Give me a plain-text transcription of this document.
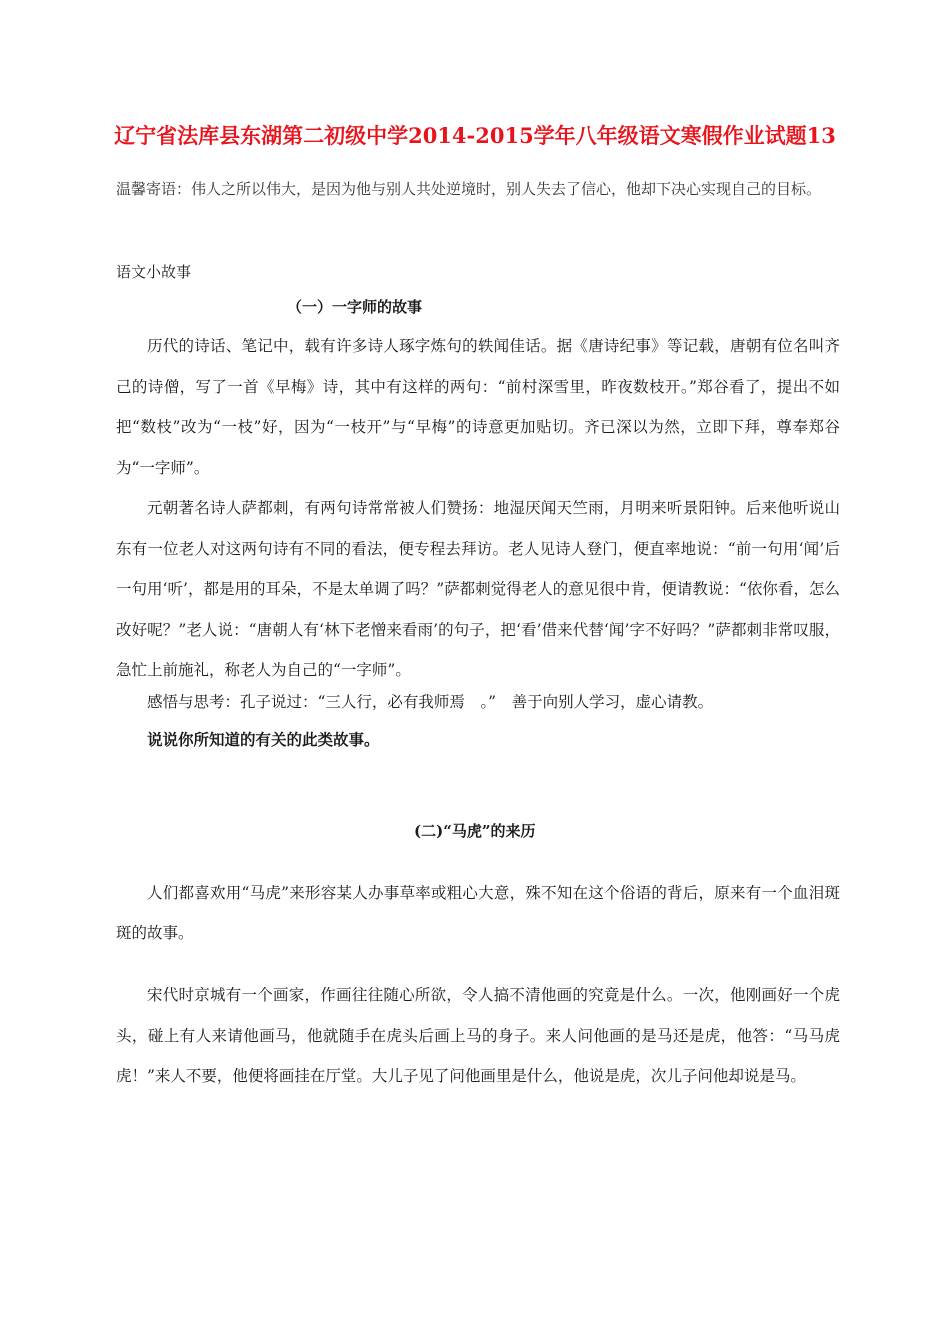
辽宁省法库县东湖第二初级中学2014-2015学年八年级语文寒假作业试题13

温馨寄语：伟人之所以伟大，是因为他与别人共处逆境时，别人失去了信心，他却下决心实现自己的目标。

语文小故事

（一）一字师的故事

历代的诗话、笔记中，载有许多诗人琢字炼句的轶闻佳话。据《唐诗纪事》等记载，唐朝有位名叫齐己的诗僧，写了一首《早梅》诗，其中有这样的两句：“前村深雪里，昨夜数枝开。”郑谷看了，提出不如把“数枝”改为“一枝”好，因为“一枝开”与“早梅”的诗意更加贴切。齐已深以为然，立即下拜，尊奉郑谷为“一字师”。

元朝著名诗人萨都刺，有两句诗常常被人们赞扬：地湿厌闻天竺雨，月明来听景阳钟。后来他听说山东有一位老人对这两句诗有不同的看法，便专程去拜访。老人见诗人登门，便直率地说：“前一句用‘闻’后一句用‘听’，都是用的耳朵，不是太单调了吗？”萨都刺觉得老人的意见很中肯，便请教说：“依你看，怎么改好呢？”老人说：“唐朝人有‘林下老憎来看雨’的句子，把‘看’借来代替‘闻’字不好吗？”萨都刺非常叹服，急忙上前施礼，称老人为自己的“一字师”。

感悟与思考：孔子说过：“三人行，必有我师焉　。”　善于向别人学习，虚心请教。

说说你所知道的有关的此类故事。

(二)“马虎”的来历

人们都喜欢用“马虎”来形容某人办事草率或粗心大意，殊不知在这个俗语的背后，原来有一个血泪斑斑的故事。

宋代时京城有一个画家，作画往往随心所欲，令人搞不清他画的究竟是什么。一次，他刚画好一个虎头，碰上有人来请他画马，他就随手在虎头后画上马的身子。来人问他画的是马还是虎，他答：“马马虎虎！”来人不要，他便将画挂在厅堂。大儿子见了问他画里是什么，他说是虎，次儿子问他却说是马。
